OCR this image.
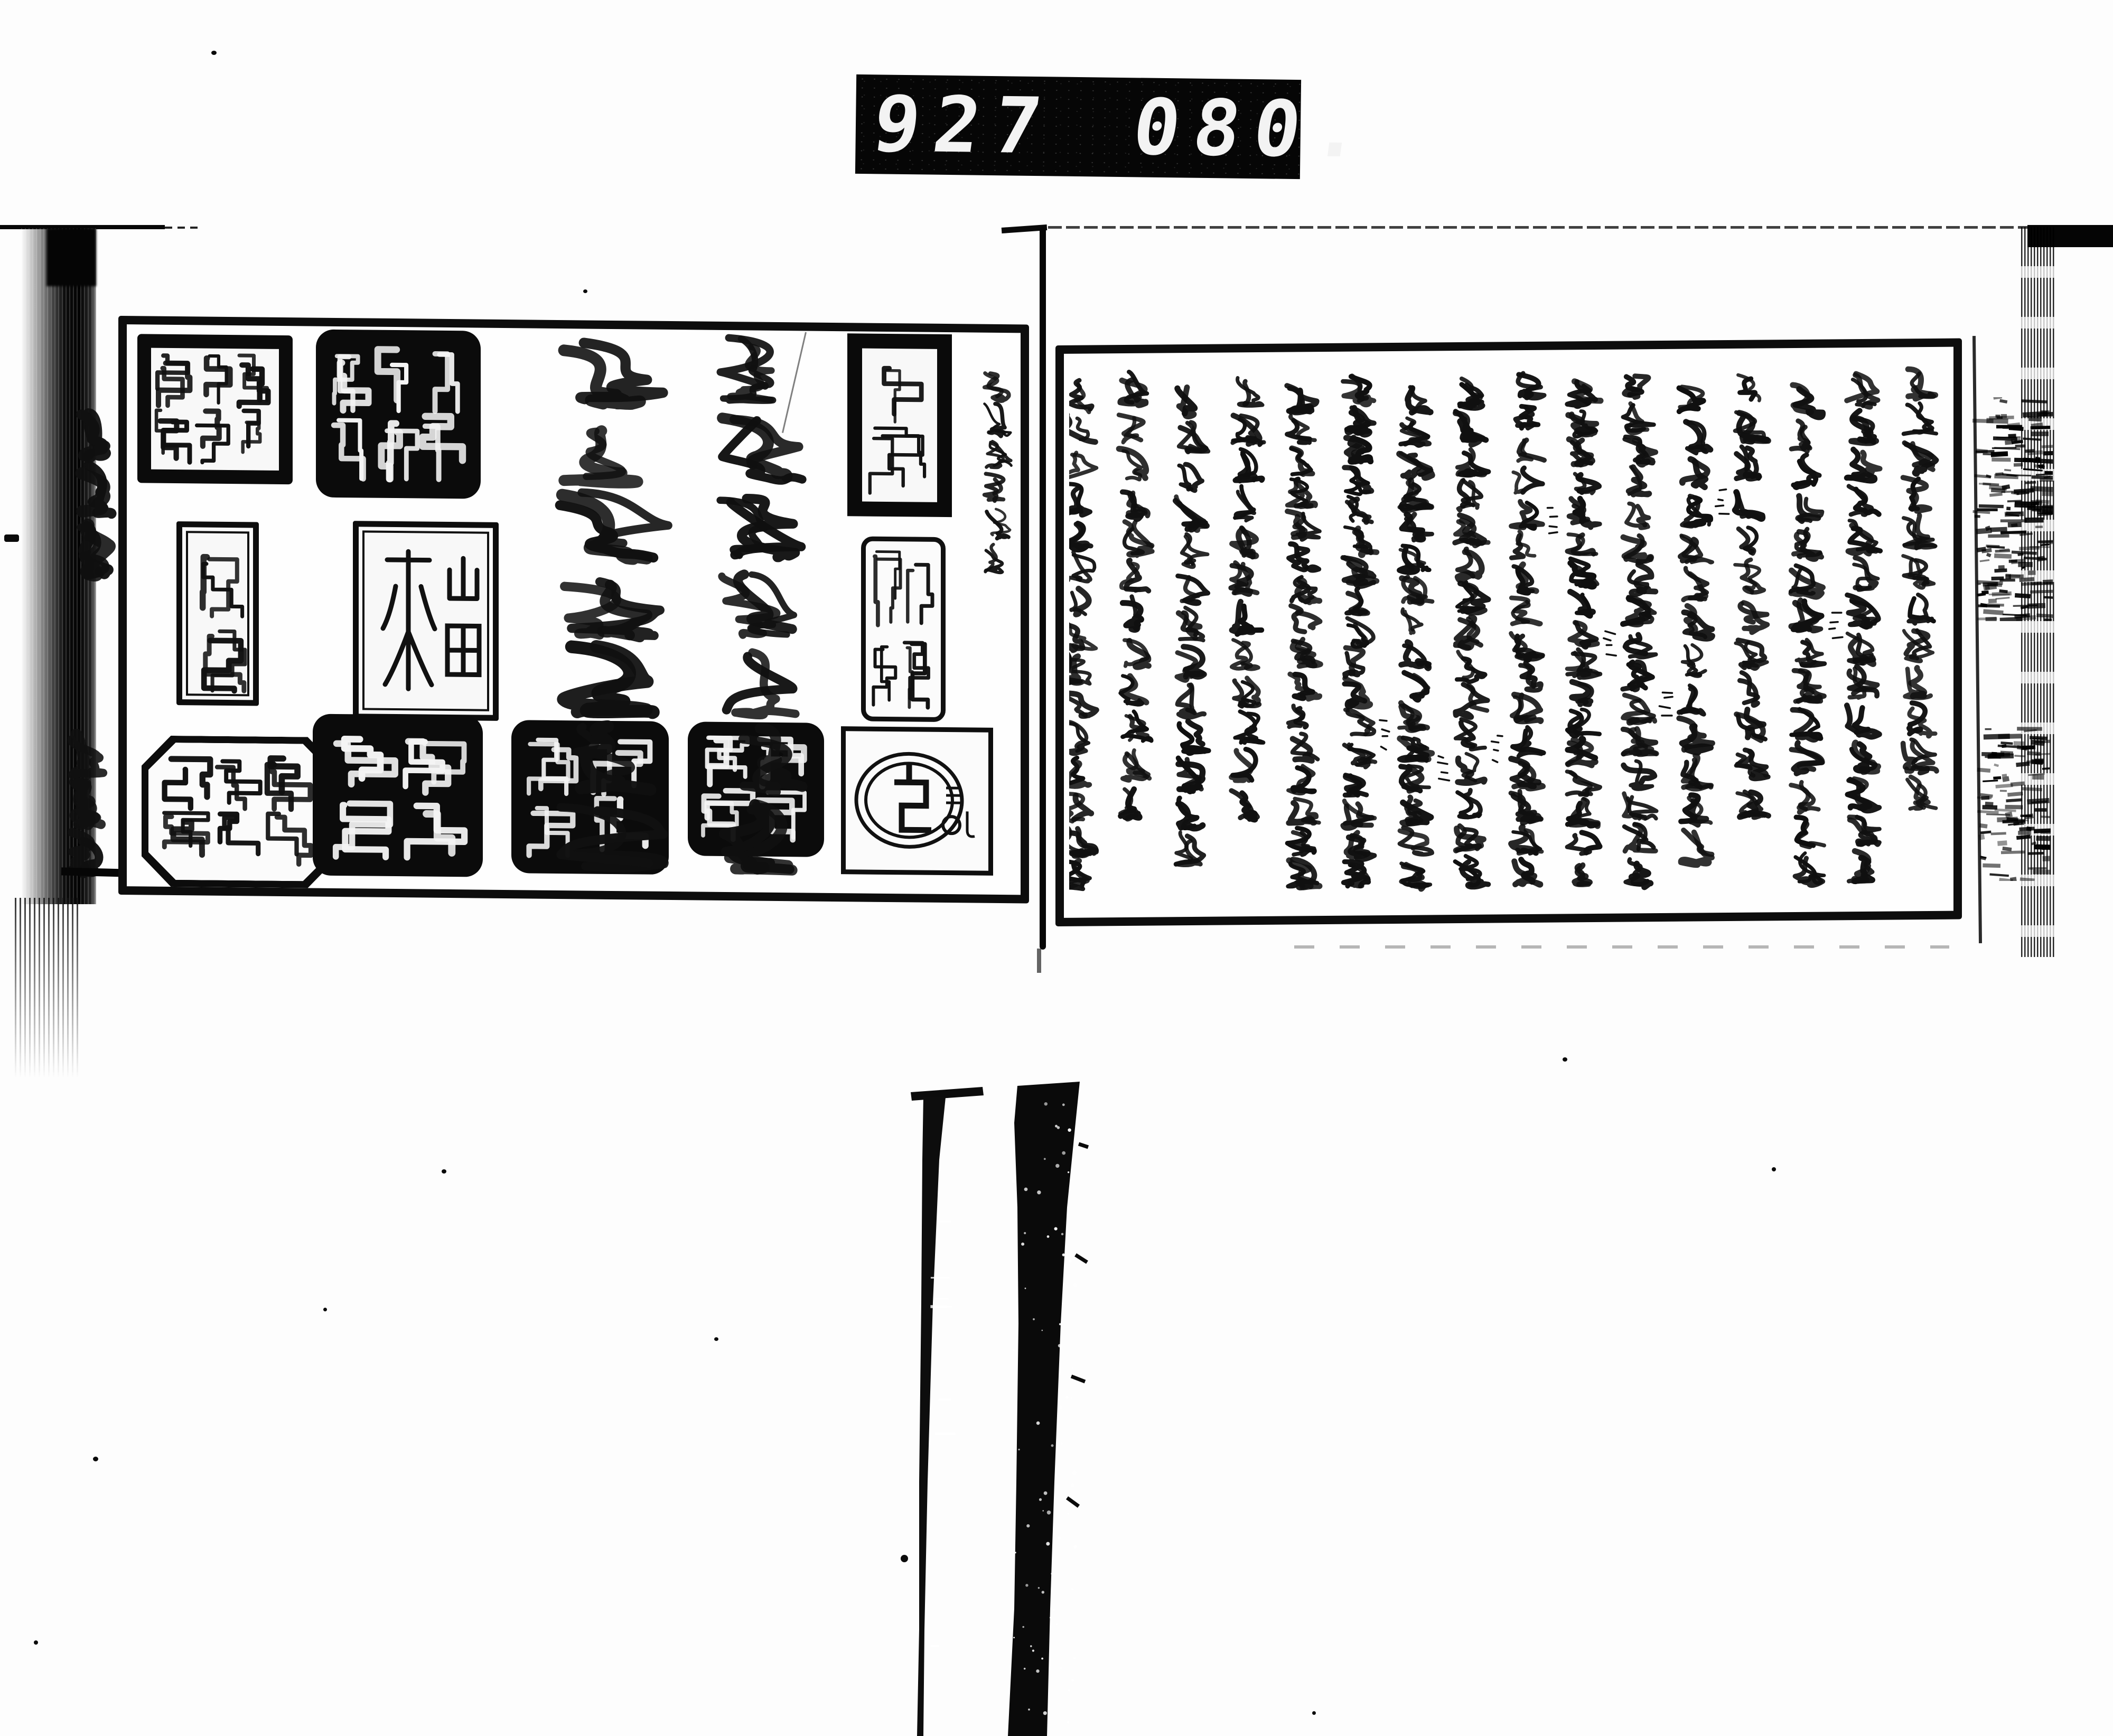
927 080.
